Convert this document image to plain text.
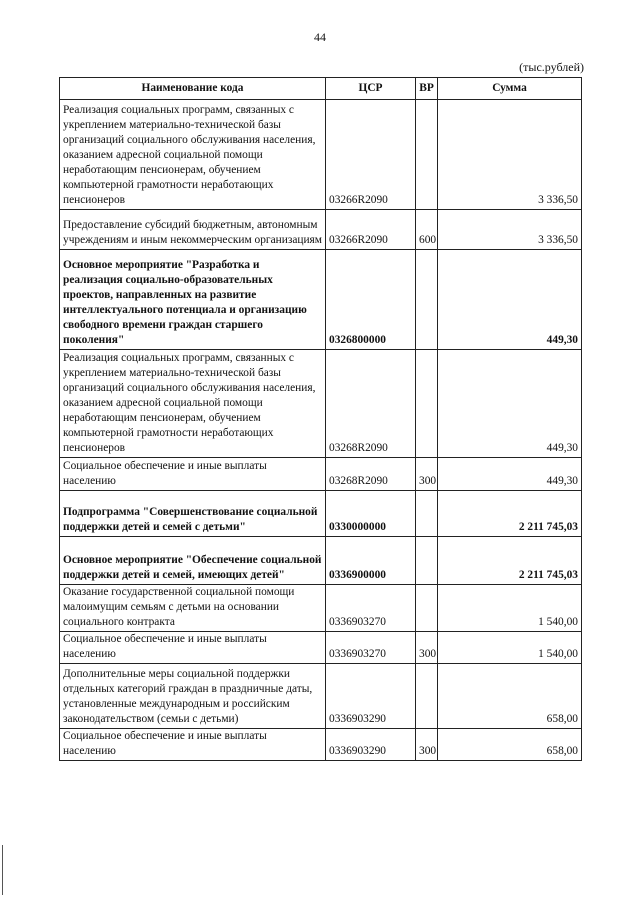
44
(тыс.рублей)
Наименование кода	ЦСР	ВР	Сумма
Реализация социальных программ, связанных с укреплением материально-технической базы организаций социального обслуживания населения, оказанием адресной социальной помощи неработающим пенсионерам, обучением компьютерной грамотности неработающих пенсионеров	03266R2090		3 336,50
Предоставление субсидий бюджетным, автономным учреждениям и иным некоммерческим организациям	03266R2090	600	3 336,50
Основное мероприятие "Разработка и реализация социально-образовательных проектов, направленных на развитие интеллектуального потенциала и организацию свободного времени граждан старшего поколения"	0326800000		449,30
Реализация социальных программ, связанных с укреплением материально-технической базы организаций социального обслуживания населения, оказанием адресной социальной помощи неработающим пенсионерам, обучением компьютерной грамотности неработающих пенсионеров	03268R2090		449,30
Социальное обеспечение и иные выплаты населению	03268R2090	300	449,30
Подпрограмма "Совершенствование социальной поддержки детей и семей с детьми"	0330000000		2 211 745,03
Основное мероприятие "Обеспечение социальной поддержки детей и семей, имеющих детей"	0336900000		2 211 745,03
Оказание государственной социальной помощи малоимущим семьям с детьми на основании социального контракта	0336903270		1 540,00
Социальное обеспечение и иные выплаты населению	0336903270	300	1 540,00
Дополнительные меры социальной поддержки отдельных категорий граждан в праздничные даты, установленные международным и российским законодательством (семьи с детьми)	0336903290		658,00
Социальное обеспечение и иные выплаты населению	0336903290	300	658,00
